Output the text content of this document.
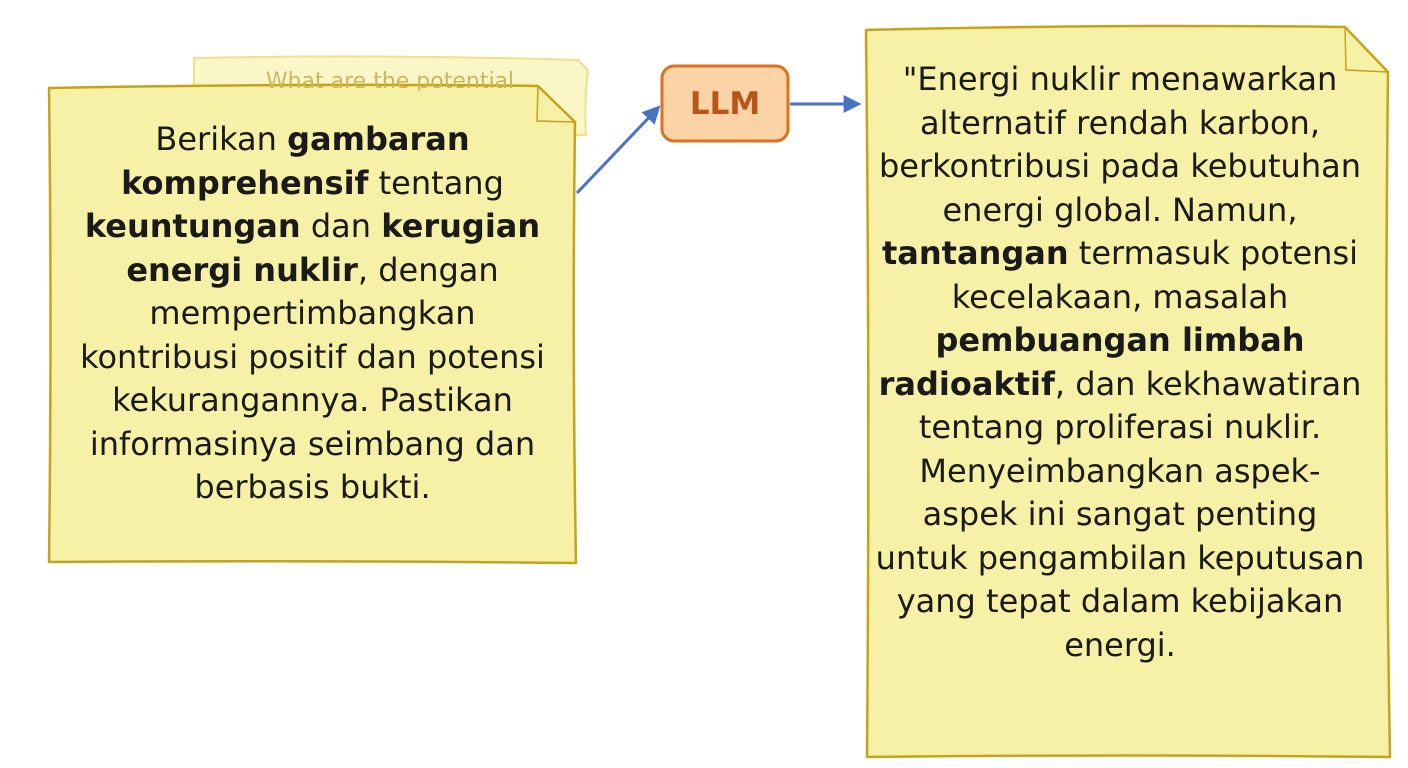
What are the potential
Berikan gambaran komprehensif tentang keuntungan dan kerugian energi nuklir, dengan mempertimbangkan kontribusi positif dan potensi kekurangannya. Pastikan informasinya seimbang dan berbasis bukti.
LLM
"Energi nuklir menawarkan alternatif rendah karbon, berkontribusi pada kebutuhan energi global. Namun, tantangan termasuk potensi kecelakaan, masalah pembuangan limbah radioaktif, dan kekhawatiran tentang proliferasi nuklir. Menyeimbangkan aspek-aspek ini sangat penting untuk pengambilan keputusan yang tepat dalam kebijakan energi.
